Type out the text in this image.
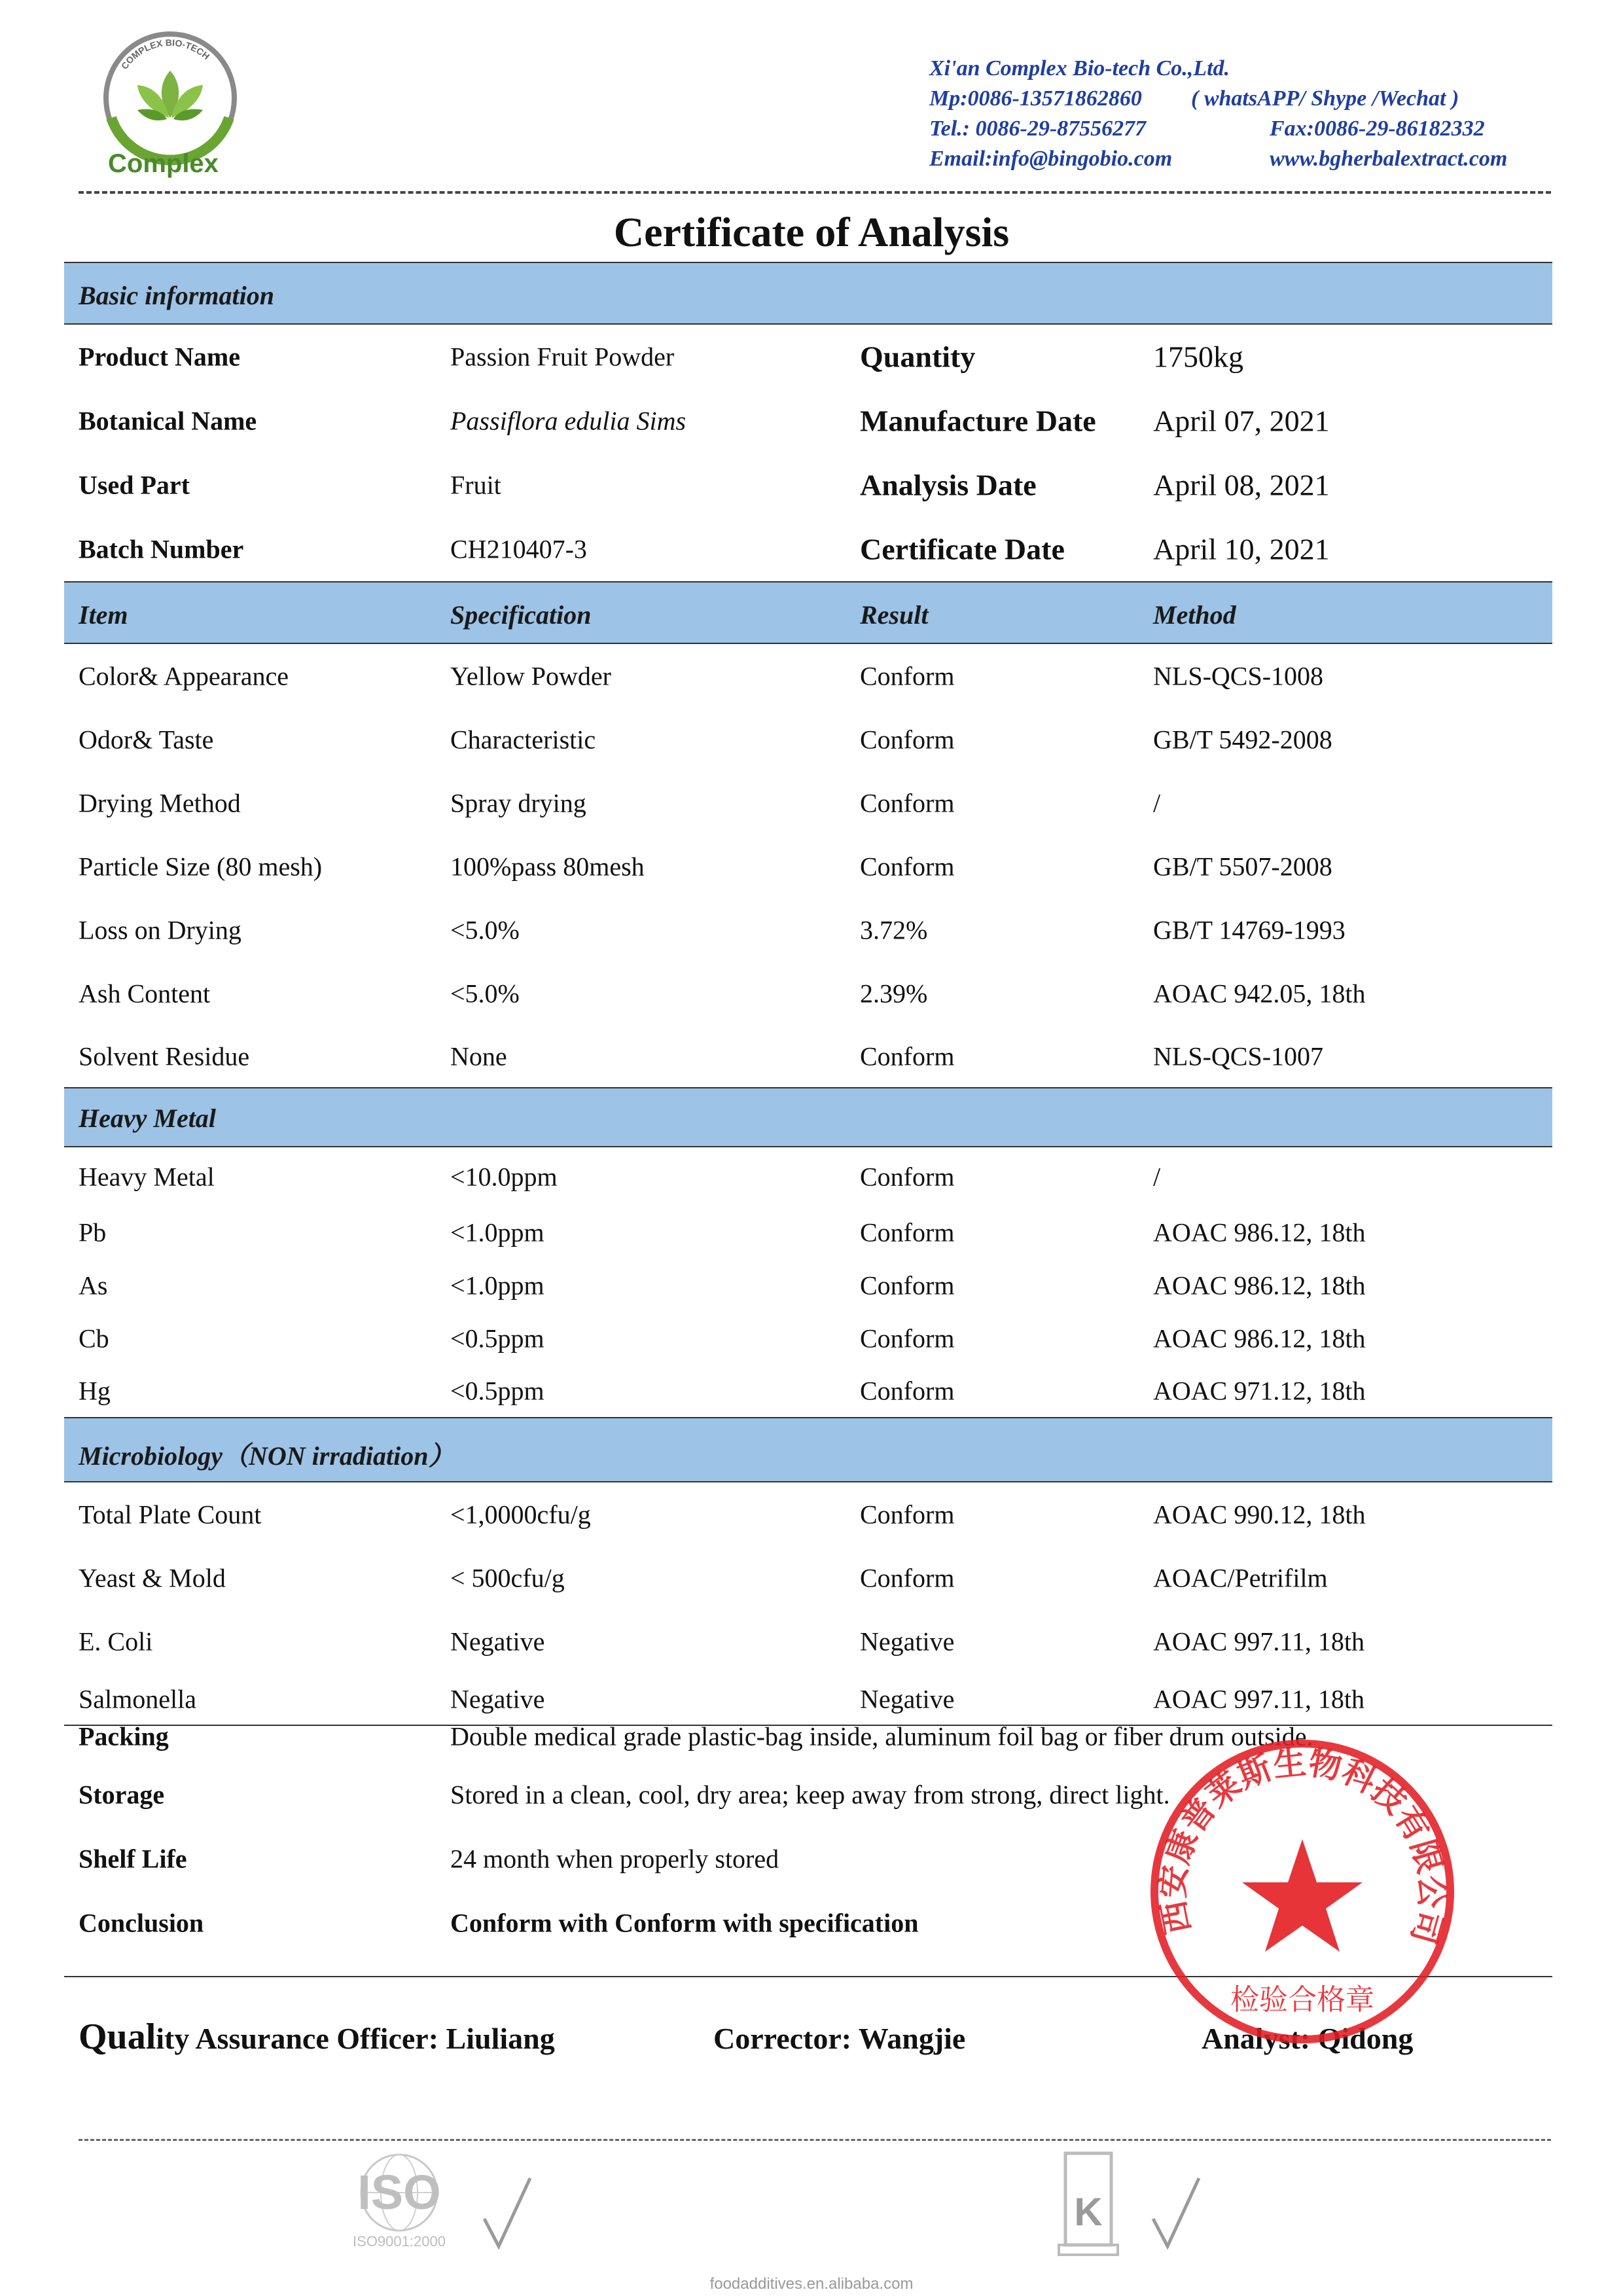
COMPLEX BIO-TECH
Complex
Xi'an Complex Bio-tech Co.,Ltd.
Mp:0086-13571862860 ( whatsAPP/ Shype /Wechat )
Tel.: 0086-29-87556277	Fax:0086-29-86182332
Email:info@bingobio.com	www.bgherbalextract.com
Certificate of Analysis
Basic information
Product Name	Passion Fruit Powder	Quantity	1750kg
Botanical Name	Passiflora edulia Sims	Manufacture Date April 07, 2021
Used Part	Fruit	Analysis Date	April 08, 2021
Batch Number	CH210407-3	Certificate Date	April 10, 2021
Item	Specification	Result	Method
Color& Appearance	Yellow Powder	Conform	NLS-QCS-1008
Odor& Taste	Characteristic	Conform	GB/T 5492-2008
Drying Method	Spray drying	Conform	/
Particle Size (80 mesh)	100%pass 80mesh	Conform	GB/T 5507-2008
Loss on Drying	<5.0%	3.72%	GB/T 14769-1993
Ash Content	<5.0%	2.39%	AOAC 942.05, 18th
Solvent Residue	None	Conform	NLS-QCS-1007
Heavy Metal
Heavy Metal	<10.0ppm	Conform	/
Pb	<1.0ppm	Conform	AOAC 986.12, 18th
As	<1.0ppm	Conform	AOAC 986.12, 18th
Cb	<0.5ppm	Conform	AOAC 986.12, 18th
Hg	<0.5ppm	Conform	AOAC 971.12, 18th
Microbiology（NON irradiation）
Total Plate Count	<1,0000cfu/g	Conform	AOAC 990.12, 18th
Yeast & Mold	< 500cfu/g	Conform	AOAC/Petrifilm
E. Coli	Negative	Negative	AOAC 997.11, 18th
Salmonella	Negative	Negative	AOAC 997.11, 18th
Packing	Double medical grade plastic-bag inside, aluminum foil bag or fiber drum outside.
Storage	Stored in a clean, cool, dry area; keep away from strong, direct light.
Shelf Life	24 month when properly stored
Conclusion	Conform with Conform with specification
Quality Assurance Officer: Liuliang	Corrector: Wangjie	Analyst: Qidong
西安康普莱斯生物科技有限公司
检验合格章
ISO
ISO9001:2000
K
foodadditives.en.alibaba.com
